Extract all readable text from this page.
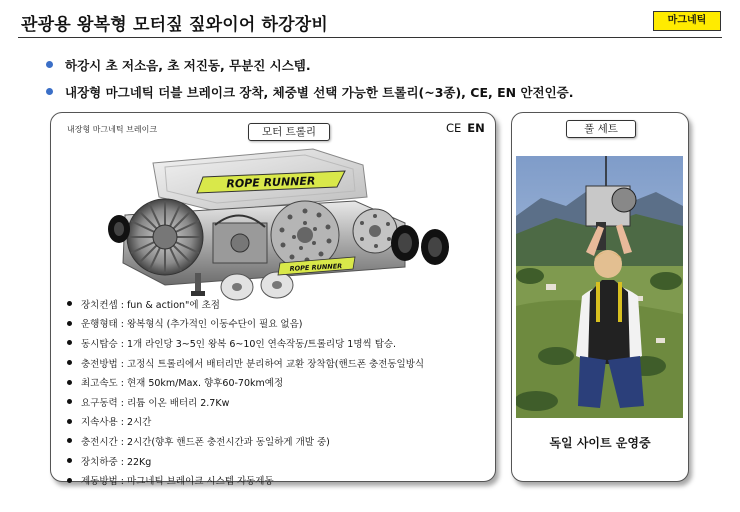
관광용 왕복형 모터짚 짚와이어 하강장비	마그네틱
하강시 초 저소음, 초 저진동, 무분진 시스템.
내장형 마그네틱 더블 브레이크 장착, 체중별 선택 가능한 트롤리(~3종), CE, EN 안전인증.
내장형 마그네틱 브레이크	모터 트롤리	CE EN
ROPE RUNNER
ROPE RUNNER
장치컨셉 : fun & action"에 초점
운행형태 : 왕복형식 (추가적인 이동수단이 필요 없음)
동시탑승 : 1개 라인당 3~5인 왕복 6~10인 연속작동/트롤리당 1명씩 탑승.
충전방법 : 고정식 트롤리에서 배터리만 분리하여 교환 장착함(핸드폰 충전동일방식
최고속도 : 현재 50km/Max. 향후60-70km예정
요구동력 : 리튬 이온 배터리 2.7Kw
지속사용 : 2시간
충전시간 : 2시간(향후 핸드폰 충전시간과 동일하게 개발 중)
장치하중 : 22Kg
제동방법 : 마그네틱 브레이크 시스템 자동제동
풀 세트
독일 사이트 운영중
